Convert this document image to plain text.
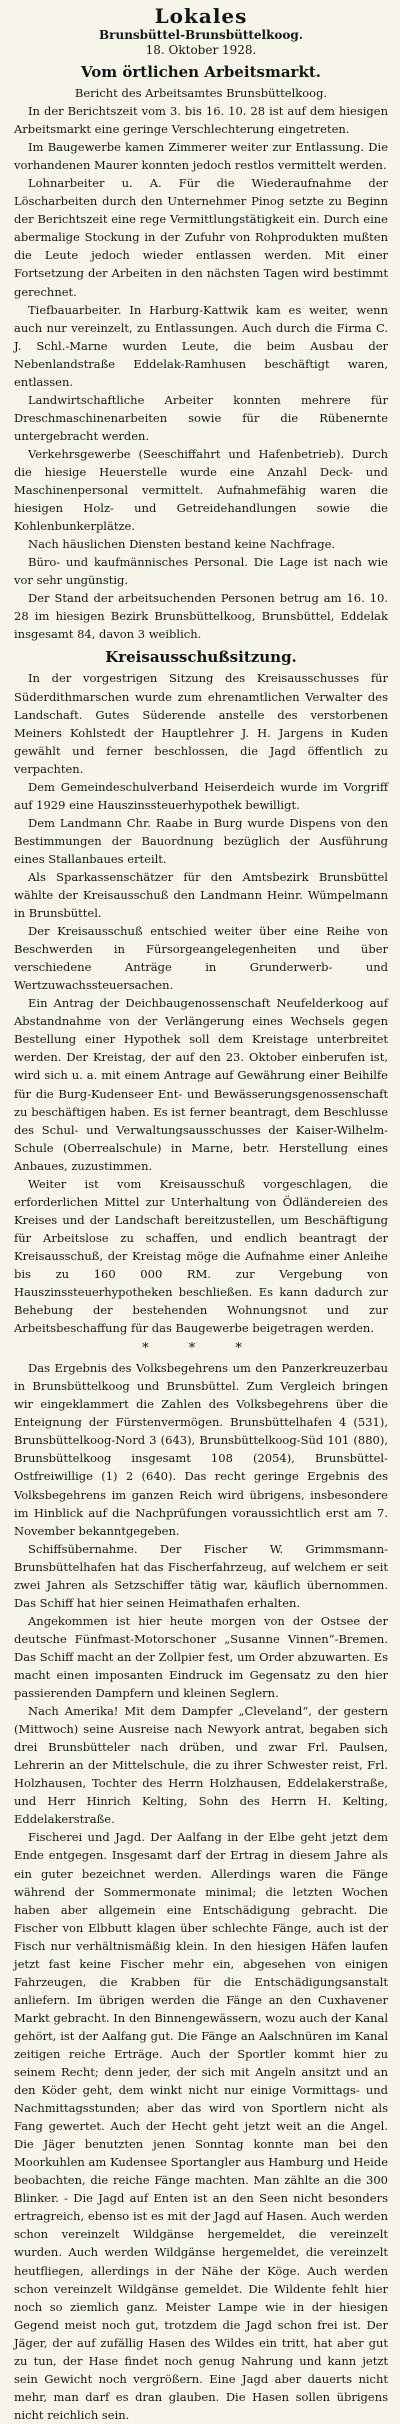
Lokales
Brunsbüttel-Brunsbüttelkoog.
18. Oktober 1928.
Vom örtlichen Arbeitsmarkt.

Bericht des Arbeitsamtes Brunsbüttelkoog.

In der Berichtszeit vom 3. bis 16. 10. 28 ist auf dem hiesigen Arbeitsmarkt eine geringe Verschlechterung eingetreten.

Im Baugewerbe kamen Zimmerer weiter zur Entlassung. Die vorhandenen Maurer konnten jedoch restlos vermittelt werden.

Lohnarbeiter u. A. Für die Wiederaufnahme der Löscharbeiten durch den Unternehmer Pinog setzte zu Beginn der Berichtszeit eine rege Vermittlungstätigkeit ein. Durch eine abermalige Stockung in der Zufuhr von Rohprodukten mußten die Leute jedoch wieder entlassen werden. Mit einer Fortsetzung der Arbeiten in den nächsten Tagen wird bestimmt gerechnet.

Tiefbauarbeiter. In Harburg-Kattwik kam es weiter, wenn auch nur vereinzelt, zu Entlassungen. Auch durch die Firma C. J. Schl.-Marne wurden Leute, die beim Ausbau der Nebenlandstraße Eddelak-Ramhusen beschäftigt waren, entlassen.

Landwirtschaftliche Arbeiter konnten mehrere für Dreschmaschinenarbeiten sowie für die Rübenernte untergebracht werden.

Verkehrsgewerbe (Seeschiffahrt und Hafenbetrieb). Durch die hiesige Heuerstelle wurde eine Anzahl Deck- und Maschinenpersonal vermittelt. Aufnahmefähig waren die hiesigen Holz- und Getreidehandlungen sowie die Kohlenbunkerplätze.

Nach häuslichen Diensten bestand keine Nachfrage.

Büro- und kaufmännisches Personal. Die Lage ist nach wie vor sehr ungünstig.

Der Stand der arbeitsuchenden Personen betrug am 16. 10. 28 im hiesigen Bezirk Brunsbüttelkoog, Brunsbüttel, Eddelak insgesamt 84, davon 3 weiblich.

Kreisausschußsitzung.

In der vorgestrigen Sitzung des Kreisausschusses für Süderdithmarschen wurde zum ehrenamtlichen Verwalter des Landschaft. Gutes Süderende anstelle des verstorbenen Meiners Kohlstedt der Hauptlehrer J. H. Jargens in Kuden gewählt und ferner beschlossen, die Jagd öffentlich zu verpachten.

Dem Gemeindeschulverband Heiserdeich wurde im Vorgriff auf 1929 eine Hauszinssteuerhypothek bewilligt.

Dem Landmann Chr. Raabe in Burg wurde Dispens von den Bestimmungen der Bauordnung bezüglich der Ausführung eines Stallanbaues erteilt.

Als Sparkassenschätzer für den Amtsbezirk Brunsbüttel wählte der Kreisausschuß den Landmann Heinr. Wümpelmann in Brunsbüttel.

Der Kreisausschuß entschied weiter über eine Reihe von Beschwerden in Fürsorgeangelegenheiten und über verschiedene Anträge in Grunderwerb- und Wertzuwachssteuersachen.

Ein Antrag der Deichbaugenossenschaft Neufelderkoog auf Abstandnahme von der Verlängerung eines Wechsels gegen Bestellung einer Hypothek soll dem Kreistage unterbreitet werden. Der Kreistag, der auf den 23. Oktober einberufen ist, wird sich u. a. mit einem Antrage auf Gewährung einer Beihilfe für die Burg-Kudenseer Ent- und Bewässerungsgenossenschaft zu beschäftigen haben. Es ist ferner beantragt, dem Beschlusse des Schul- und Verwaltungsausschusses der Kaiser-Wilhelm-Schule (Oberrealschule) in Marne, betr. Herstellung eines Anbaues, zuzustimmen.

Weiter ist vom Kreisausschuß vorgeschlagen, die erforderlichen Mittel zur Unterhaltung von Ödländereien des Kreises und der Landschaft bereitzustellen, um Beschäftigung für Arbeitslose zu schaffen, und endlich beantragt der Kreisausschuß, der Kreistag möge die Aufnahme einer Anleihe bis zu 160 000 RM. zur Vergebung von Hauszinssteuerhypotheken beschließen. Es kann dadurch zur Behebung der bestehenden Wohnungsnot und zur Arbeitsbeschaffung für das Baugewerbe beigetragen werden.

* * *

Das Ergebnis des Volksbegehrens um den Panzerkreuzerbau in Brunsbüttelkoog und Brunsbüttel. Zum Vergleich bringen wir eingeklammert die Zahlen des Volksbegehrens über die Enteignung der Fürstenvermögen. Brunsbüttelhafen 4 (531), Brunsbüttelkoog-Nord 3 (643), Brunsbüttelkoog-Süd 101 (880), Brunsbüttelkoog insgesamt 108 (2054), Brunsbüttel-Ostfreiwillige (1) 2 (640). Das recht geringe Ergebnis des Volksbegehrens im ganzen Reich wird übrigens, insbesondere im Hinblick auf die Nachprüfungen voraussichtlich erst am 7. November bekanntgegeben.

Schiffsübernahme. Der Fischer W. Grimmsmann-Brunsbüttelhafen hat das Fischerfahrzeug, auf welchem er seit zwei Jahren als Setzschiffer tätig war, käuflich übernommen. Das Schiff hat hier seinen Heimathafen erhalten.

Angekommen ist hier heute morgen von der Ostsee der deutsche Fünfmast-Motorschoner „Susanne Vinnen“-Bremen. Das Schiff macht an der Zollpier fest, um Order abzuwarten. Es macht einen imposanten Eindruck im Gegensatz zu den hier passierenden Dampfern und kleinen Seglern.

Nach Amerika! Mit dem Dampfer „Cleveland“, der gestern (Mittwoch) seine Ausreise nach Newyork antrat, begaben sich drei Brunsbütteler nach drüben, und zwar Frl. Paulsen, Lehrerin an der Mittelschule, die zu ihrer Schwester reist, Frl. Holzhausen, Tochter des Herrn Holzhausen, Eddelakerstraße, und Herr Hinrich Kelting, Sohn des Herrn H. Kelting, Eddelakerstraße.

Fischerei und Jagd. Der Aalfang in der Elbe geht jetzt dem Ende entgegen. Insgesamt darf der Ertrag in diesem Jahre als ein guter bezeichnet werden. Allerdings waren die Fänge während der Sommermonate minimal; die letzten Wochen haben aber allgemein eine Entschädigung gebracht. Die Fischer von Elbbutt klagen über schlechte Fänge, auch ist der Fisch nur verhältnismäßig klein. In den hiesigen Häfen laufen jetzt fast keine Fischer mehr ein, abgesehen von einigen Fahrzeugen, die Krabben für die Entschädigungsanstalt anliefern. Im übrigen werden die Fänge an den Cuxhavener Markt gebracht. In den Binnengewässern, wozu auch der Kanal gehört, ist der Aalfang gut. Die Fänge an Aalschnüren im Kanal zeitigen reiche Erträge. Auch der Sportler kommt hier zu seinem Recht; denn jeder, der sich mit Angeln ansitzt und an den Köder geht, dem winkt nicht nur einige Vormittags- und Nachmittagsstunden; aber das wird von Sportlern nicht als Fang gewertet. Auch der Hecht geht jetzt weit an die Angel. Die Jäger benutzten jenen Sonntag konnte man bei den Moorkuhlen am Kudensee Sportangler aus Hamburg und Heide beobachten, die reiche Fänge machten. Man zählte an die 300 Blinker. - Die Jagd auf Enten ist an den Seen nicht besonders ertragreich, ebenso ist es mit der Jagd auf Hasen. Auch werden schon vereinzelt Wildgänse hergemeldet, die vereinzelt wurden. Auch werden Wildgänse hergemeldet, die vereinzelt heutfliegen, allerdings in der Nähe der Köge. Auch werden schon vereinzelt Wildgänse gemeldet. Die Wildente fehlt hier noch so ziemlich ganz. Meister Lampe wie in der hiesigen Gegend meist noch gut, trotzdem die Jagd schon frei ist. Der Jäger, der auf zufällig Hasen des Wildes ein tritt, hat aber gut zu tun, der Hase findet noch genug Nahrung und kann jetzt sein Gewicht noch vergrößern. Eine Jagd aber dauerts nicht mehr, man darf es dran glauben. Die Hasen sollen übrigens nicht reichlich sein.
